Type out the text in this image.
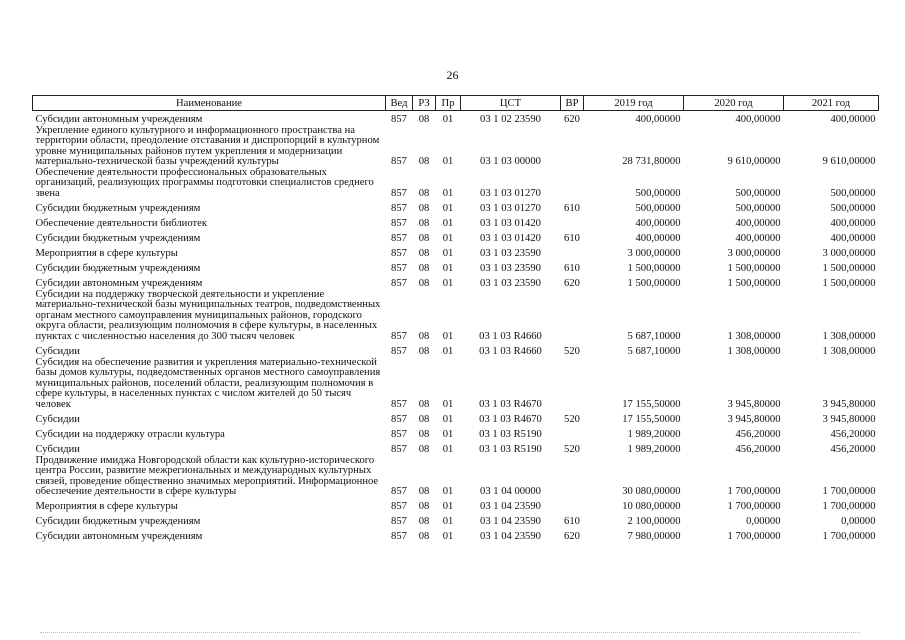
26
Наименование	Вед	РЗ	Пр	ЦСТ	ВР	2019 год	2020 год	2021 год
Субсидии автономным учреждениям	857	08	01	03 1 02 23590	620	400,00000	400,00000	400,00000
Укрепление единого культурного и информационного пространства на территории области, преодоление отставания и диспропорций в культурном уровне муниципальных районов путем укрепления и модернизации материально-технической базы учреждений культуры	857	08	01	03 1 03 00000		28 731,80000	9 610,00000	9 610,00000
Обеспечение деятельности профессиональных образовательных организаций, реализующих программы подготовки специалистов среднего звена	857	08	01	03 1 03 01270		500,00000	500,00000	500,00000
Субсидии бюджетным учреждениям	857	08	01	03 1 03 01270	610	500,00000	500,00000	500,00000
Обеспечение деятельности библиотек	857	08	01	03 1 03 01420		400,00000	400,00000	400,00000
Субсидии бюджетным учреждениям	857	08	01	03 1 03 01420	610	400,00000	400,00000	400,00000
Мероприятия в сфере культуры	857	08	01	03 1 03 23590		3 000,00000	3 000,00000	3 000,00000
Субсидии бюджетным учреждениям	857	08	01	03 1 03 23590	610	1 500,00000	1 500,00000	1 500,00000
Субсидии автономным учреждениям	857	08	01	03 1 03 23590	620	1 500,00000	1 500,00000	1 500,00000
Субсидии на поддержку творческой деятельности и укрепление материально-технической базы муниципальных театров, подведомственных органам местного самоуправления муниципальных районов, городского округа области, реализующим полномочия в сфере культуры, в населенных пунктах с численностью населения до 300 тысяч человек	857	08	01	03 1 03 R4660		5 687,10000	1 308,00000	1 308,00000
Субсидии	857	08	01	03 1 03 R4660	520	5 687,10000	1 308,00000	1 308,00000
Субсидия на обеспечение развития и укрепления материально-технической базы домов культуры, подведомственных органов местного самоуправления муниципальных районов, поселений области, реализующим полномочия в сфере культуры, в населенных пунктах с числом жителей до 50 тысяч человек	857	08	01	03 1 03 R4670		17 155,50000	3 945,80000	3 945,80000
Субсидии	857	08	01	03 1 03 R4670	520	17 155,50000	3 945,80000	3 945,80000
Субсидии на поддержку отрасли культура	857	08	01	03 1 03 R5190		1 989,20000	456,20000	456,20000
Субсидии	857	08	01	03 1 03 R5190	520	1 989,20000	456,20000	456,20000
Продвижение имиджа Новгородской области как культурно-исторического центра России, развитие межрегиональных и международных культурных связей, проведение общественно значимых мероприятий. Информационное обеспечение деятельности в сфере культуры	857	08	01	03 1 04 00000		30 080,00000	1 700,00000	1 700,00000
Мероприятия в сфере культуры	857	08	01	03 1 04 23590		10 080,00000	1 700,00000	1 700,00000
Субсидии бюджетным учреждениям	857	08	01	03 1 04 23590	610	2 100,00000	0,00000	0,00000
Субсидии автономным учреждениям	857	08	01	03 1 04 23590	620	7 980,00000	1 700,00000	1 700,00000
